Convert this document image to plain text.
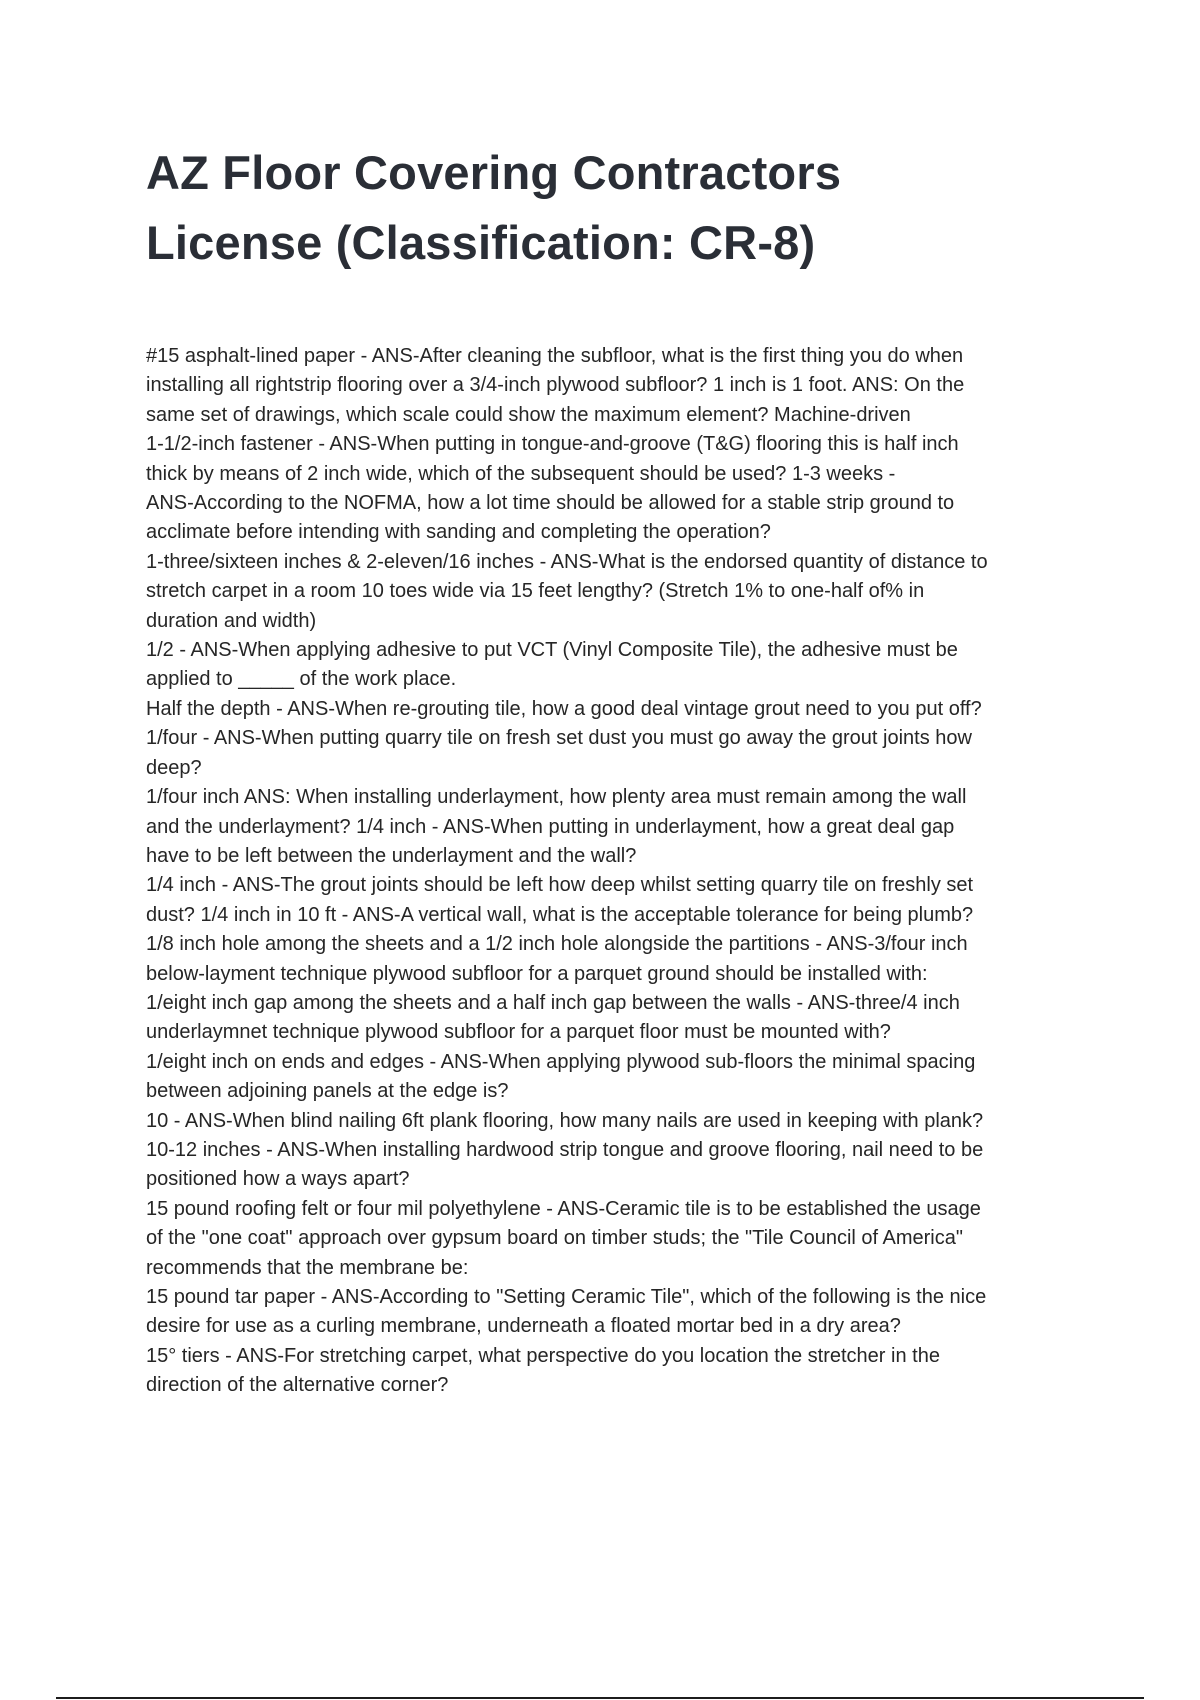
AZ Floor Covering Contractors
License (Classification: CR-8)
#15 asphalt-lined paper - ANS-After cleaning the subfloor, what is the first thing you do when
installing all rightstrip flooring over a 3/4-inch plywood subfloor? 1 inch is 1 foot. ANS: On the
same set of drawings, which scale could show the maximum element? Machine-driven
1-1/2-inch fastener - ANS-When putting in tongue-and-groove (T&G) flooring this is half inch
thick by means of 2 inch wide, which of the subsequent should be used? 1-3 weeks -
ANS-According to the NOFMA, how a lot time should be allowed for a stable strip ground to
acclimate before intending with sanding and completing the operation?
1-three/sixteen inches & 2-eleven/16 inches - ANS-What is the endorsed quantity of distance to
stretch carpet in a room 10 toes wide via 15 feet lengthy? (Stretch 1% to one-half of% in
duration and width)
1/2 - ANS-When applying adhesive to put VCT (Vinyl Composite Tile), the adhesive must be
applied to _____ of the work place.
Half the depth - ANS-When re-grouting tile, how a good deal vintage grout need to you put off?
1/four - ANS-When putting quarry tile on fresh set dust you must go away the grout joints how
deep?
1/four inch ANS: When installing underlayment, how plenty area must remain among the wall
and the underlayment? 1/4 inch - ANS-When putting in underlayment, how a great deal gap
have to be left between the underlayment and the wall?
1/4 inch - ANS-The grout joints should be left how deep whilst setting quarry tile on freshly set
dust? 1/4 inch in 10 ft - ANS-A vertical wall, what is the acceptable tolerance for being plumb?
1/8 inch hole among the sheets and a 1/2 inch hole alongside the partitions - ANS-3/four inch
below-layment technique plywood subfloor for a parquet ground should be installed with:
1/eight inch gap among the sheets and a half inch gap between the walls - ANS-three/4 inch
underlaymnet technique plywood subfloor for a parquet floor must be mounted with?
1/eight inch on ends and edges - ANS-When applying plywood sub-floors the minimal spacing
between adjoining panels at the edge is?
10 - ANS-When blind nailing 6ft plank flooring, how many nails are used in keeping with plank?
10-12 inches - ANS-When installing hardwood strip tongue and groove flooring, nail need to be
positioned how a ways apart?
15 pound roofing felt or four mil polyethylene - ANS-Ceramic tile is to be established the usage
of the "one coat" approach over gypsum board on timber studs; the "Tile Council of America"
recommends that the membrane be:
15 pound tar paper - ANS-According to "Setting Ceramic Tile", which of the following is the nice
desire for use as a curling membrane, underneath a floated mortar bed in a dry area?
15° tiers - ANS-For stretching carpet, what perspective do you location the stretcher in the
direction of the alternative corner?
